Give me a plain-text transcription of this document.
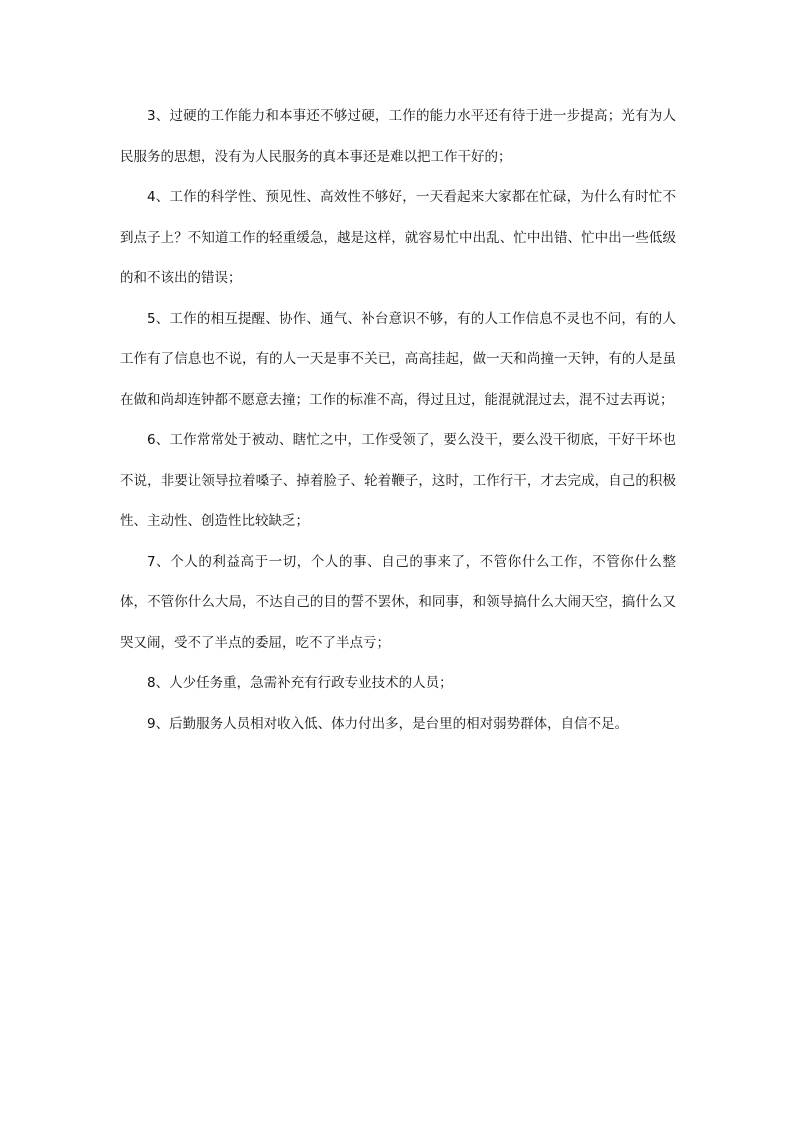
3、过硬的工作能力和本事还不够过硬，工作的能力水平还有待于进一步提高；光有为人民服务的思想，没有为人民服务的真本事还是难以把工作干好的；

4、工作的科学性、预见性、高效性不够好，一天看起来大家都在忙碌，为什么有时忙不到点子上？不知道工作的轻重缓急，越是这样，就容易忙中出乱、忙中出错、忙中出一些低级的和不该出的错误；

5、工作的相互提醒、协作、通气、补台意识不够，有的人工作信息不灵也不问，有的人工作有了信息也不说，有的人一天是事不关已，高高挂起，做一天和尚撞一天钟，有的人是虽在做和尚却连钟都不愿意去撞；工作的标准不高，得过且过，能混就混过去，混不过去再说；

6、工作常常处于被动、瞎忙之中，工作受领了，要么没干，要么没干彻底，干好干坏也不说，非要让领导拉着嗓子、掉着脸子、轮着鞭子，这时，工作行干，才去完成，自己的积极性、主动性、创造性比较缺乏；

7、个人的利益高于一切，个人的事、自己的事来了，不管你什么工作，不管你什么整体，不管你什么大局，不达自己的目的誓不罢休，和同事，和领导搞什么大闹天空，搞什么又哭又闹，受不了半点的委屈，吃不了半点亏；

8、人少任务重，急需补充有行政专业技术的人员；

9、后勤服务人员相对收入低、体力付出多，是台里的相对弱势群体，自信不足。
